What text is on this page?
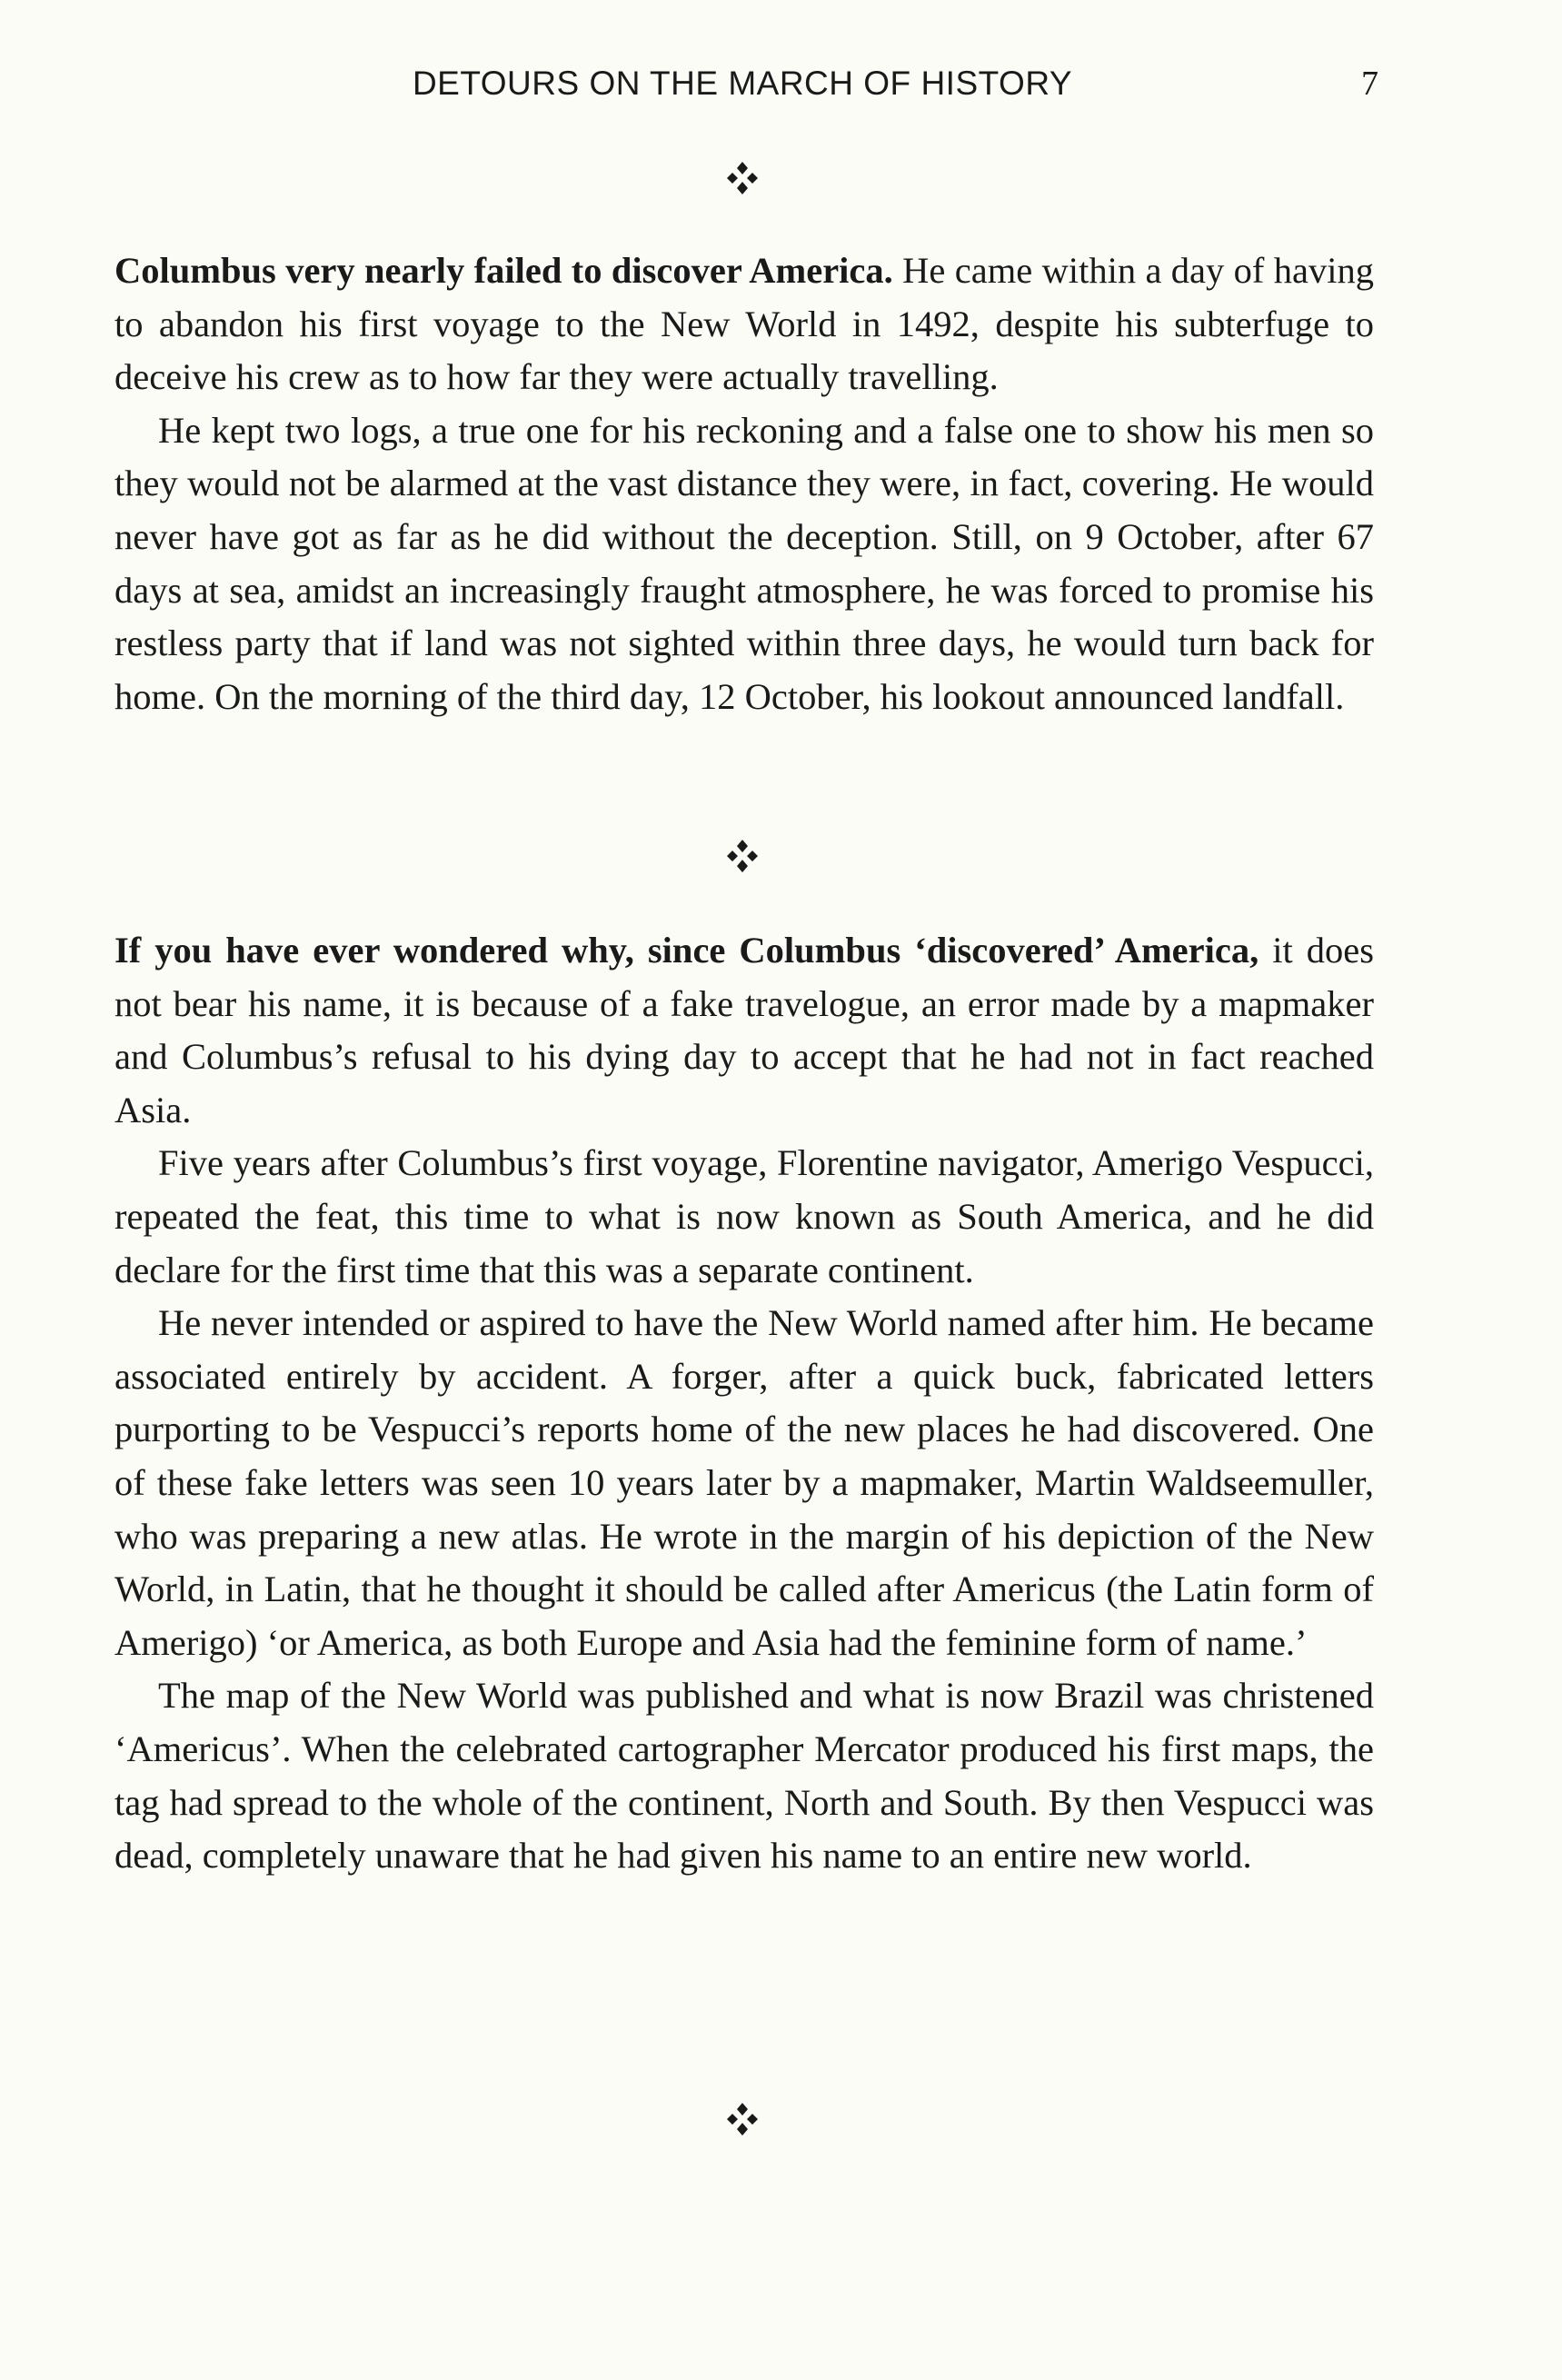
DETOURS ON THE MARCH OF HISTORY	7

Columbus very nearly failed to discover America. He came within a day of having to abandon his first voyage to the New World in 1492, despite his subterfuge to deceive his crew as to how far they were actually travelling.

He kept two logs, a true one for his reckoning and a false one to show his men so they would not be alarmed at the vast distance they were, in fact, covering. He would never have got as far as he did without the deception. Still, on 9 October, after 67 days at sea, amidst an increasingly fraught atmosphere, he was forced to promise his restless party that if land was not sighted within three days, he would turn back for home. On the morning of the third day, 12 October, his lookout announced landfall.

If you have ever wondered why, since Columbus ‘discovered’ America, it does not bear his name, it is because of a fake travelogue, an error made by a mapmaker and Columbus’s refusal to his dying day to accept that he had not in fact reached Asia.

Five years after Columbus’s first voyage, Florentine navigator, Amerigo Vespucci, repeated the feat, this time to what is now known as South America, and he did declare for the first time that this was a separate continent.

He never intended or aspired to have the New World named after him. He became associated entirely by accident. A forger, after a quick buck, fabricated letters purporting to be Vespucci’s reports home of the new places he had discovered. One of these fake letters was seen 10 years later by a mapmaker, Martin Waldseemuller, who was preparing a new atlas. He wrote in the margin of his depiction of the New World, in Latin, that he thought it should be called after Americus (the Latin form of Amerigo) ‘or America, as both Europe and Asia had the feminine form of name.’

The map of the New World was published and what is now Brazil was christened ‘Americus’. When the celebrated cartographer Mercator produced his first maps, the tag had spread to the whole of the continent, North and South. By then Vespucci was dead, completely unaware that he had given his name to an entire new world.
